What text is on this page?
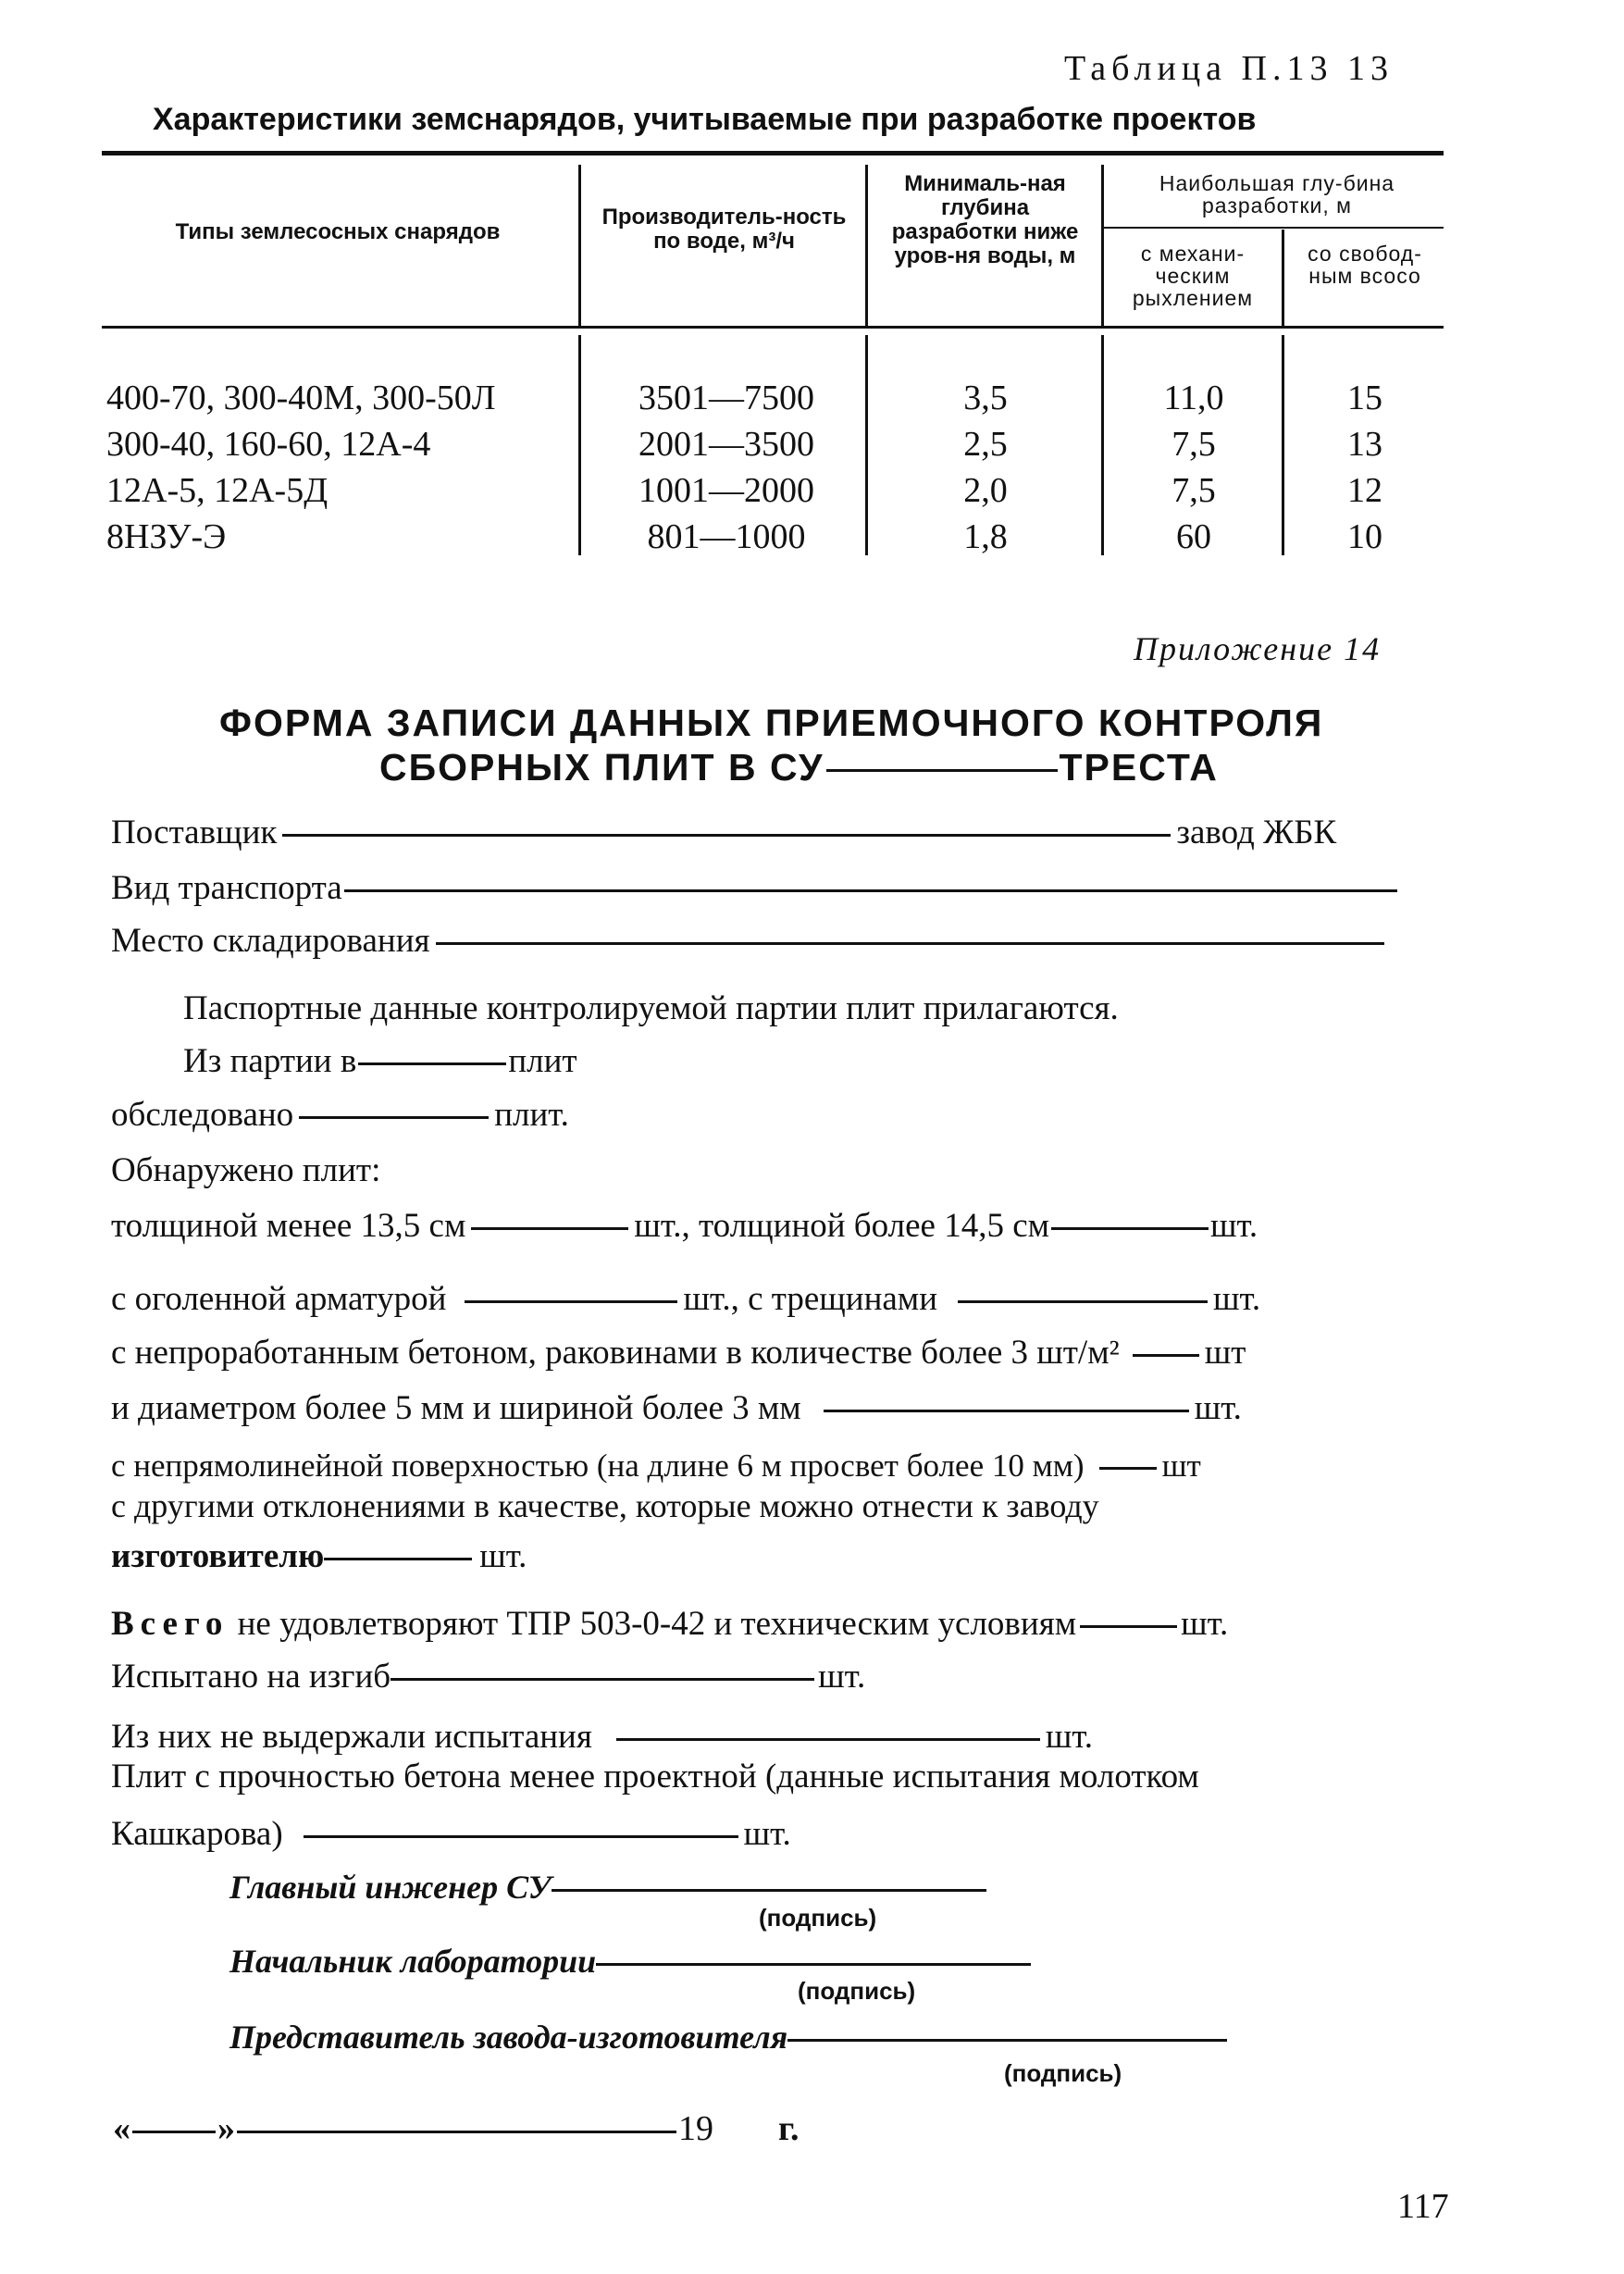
Таблица П.13 13
Характеристики земснарядов, учитываемые при разработке проектов
Типы землесосных снарядов
Производитель-ность по воде, м³/ч
Минималь-ная глубина разработки ниже уров-ня воды, м
Наибольшая глу-бина разработки, м
с механи-ческим рыхлением
со свобод-ным всосо
400-70, 300-40М, 300-50Л	3501—7500	3,5	11,0	15
300-40, 160-60, 12А-4	2001—3500	2,5	7,5	13
12А-5, 12А-5Д	1001—2000	2,0	7,5	12
8НЗУ-Э	801—1000	1,8	60	10
Приложение 14
ФОРМА ЗАПИСИ ДАННЫХ ПРИЕМОЧНОГО КОНТРОЛЯ
СБОРНЫХ ПЛИТ В СУ	ТРЕСТА
Поставщик	завод ЖБК
Вид транспорта
Место складирования
Паспортные данные контролируемой партии плит прилагаются.
Из партии в	плит
обследовано	плит.
Обнаружено плит:
толщиной менее 13,5 см	шт., толщиной более 14,5 см	шт.
с оголенной арматурой	шт., с трещинами	шт.
с непроработанным бетоном, раковинами в количестве более 3 шт/м² шт
и диаметром более 5 мм и шириной более 3 мм	шт.
с непрямолинейной поверхностью (на длине 6 м просвет более 10 мм) шт
с другими отклонениями в качестве, которые можно отнести к заводу
изготовителю	шт.
Всего не удовлетворяют ТПР 503-0-42 и техническим условиям	шт.
Испытано на изгиб	шт.
Из них не выдержали испытания	шт.
Плит с прочностью бетона менее проектной (данные испытания молотком
Кашкарова)	шт.
Главный инженер СУ
(подпись)
Начальник лаборатории
(подпись)
Представитель завода-изготовителя
(подпись)
« »	19 г.
117
